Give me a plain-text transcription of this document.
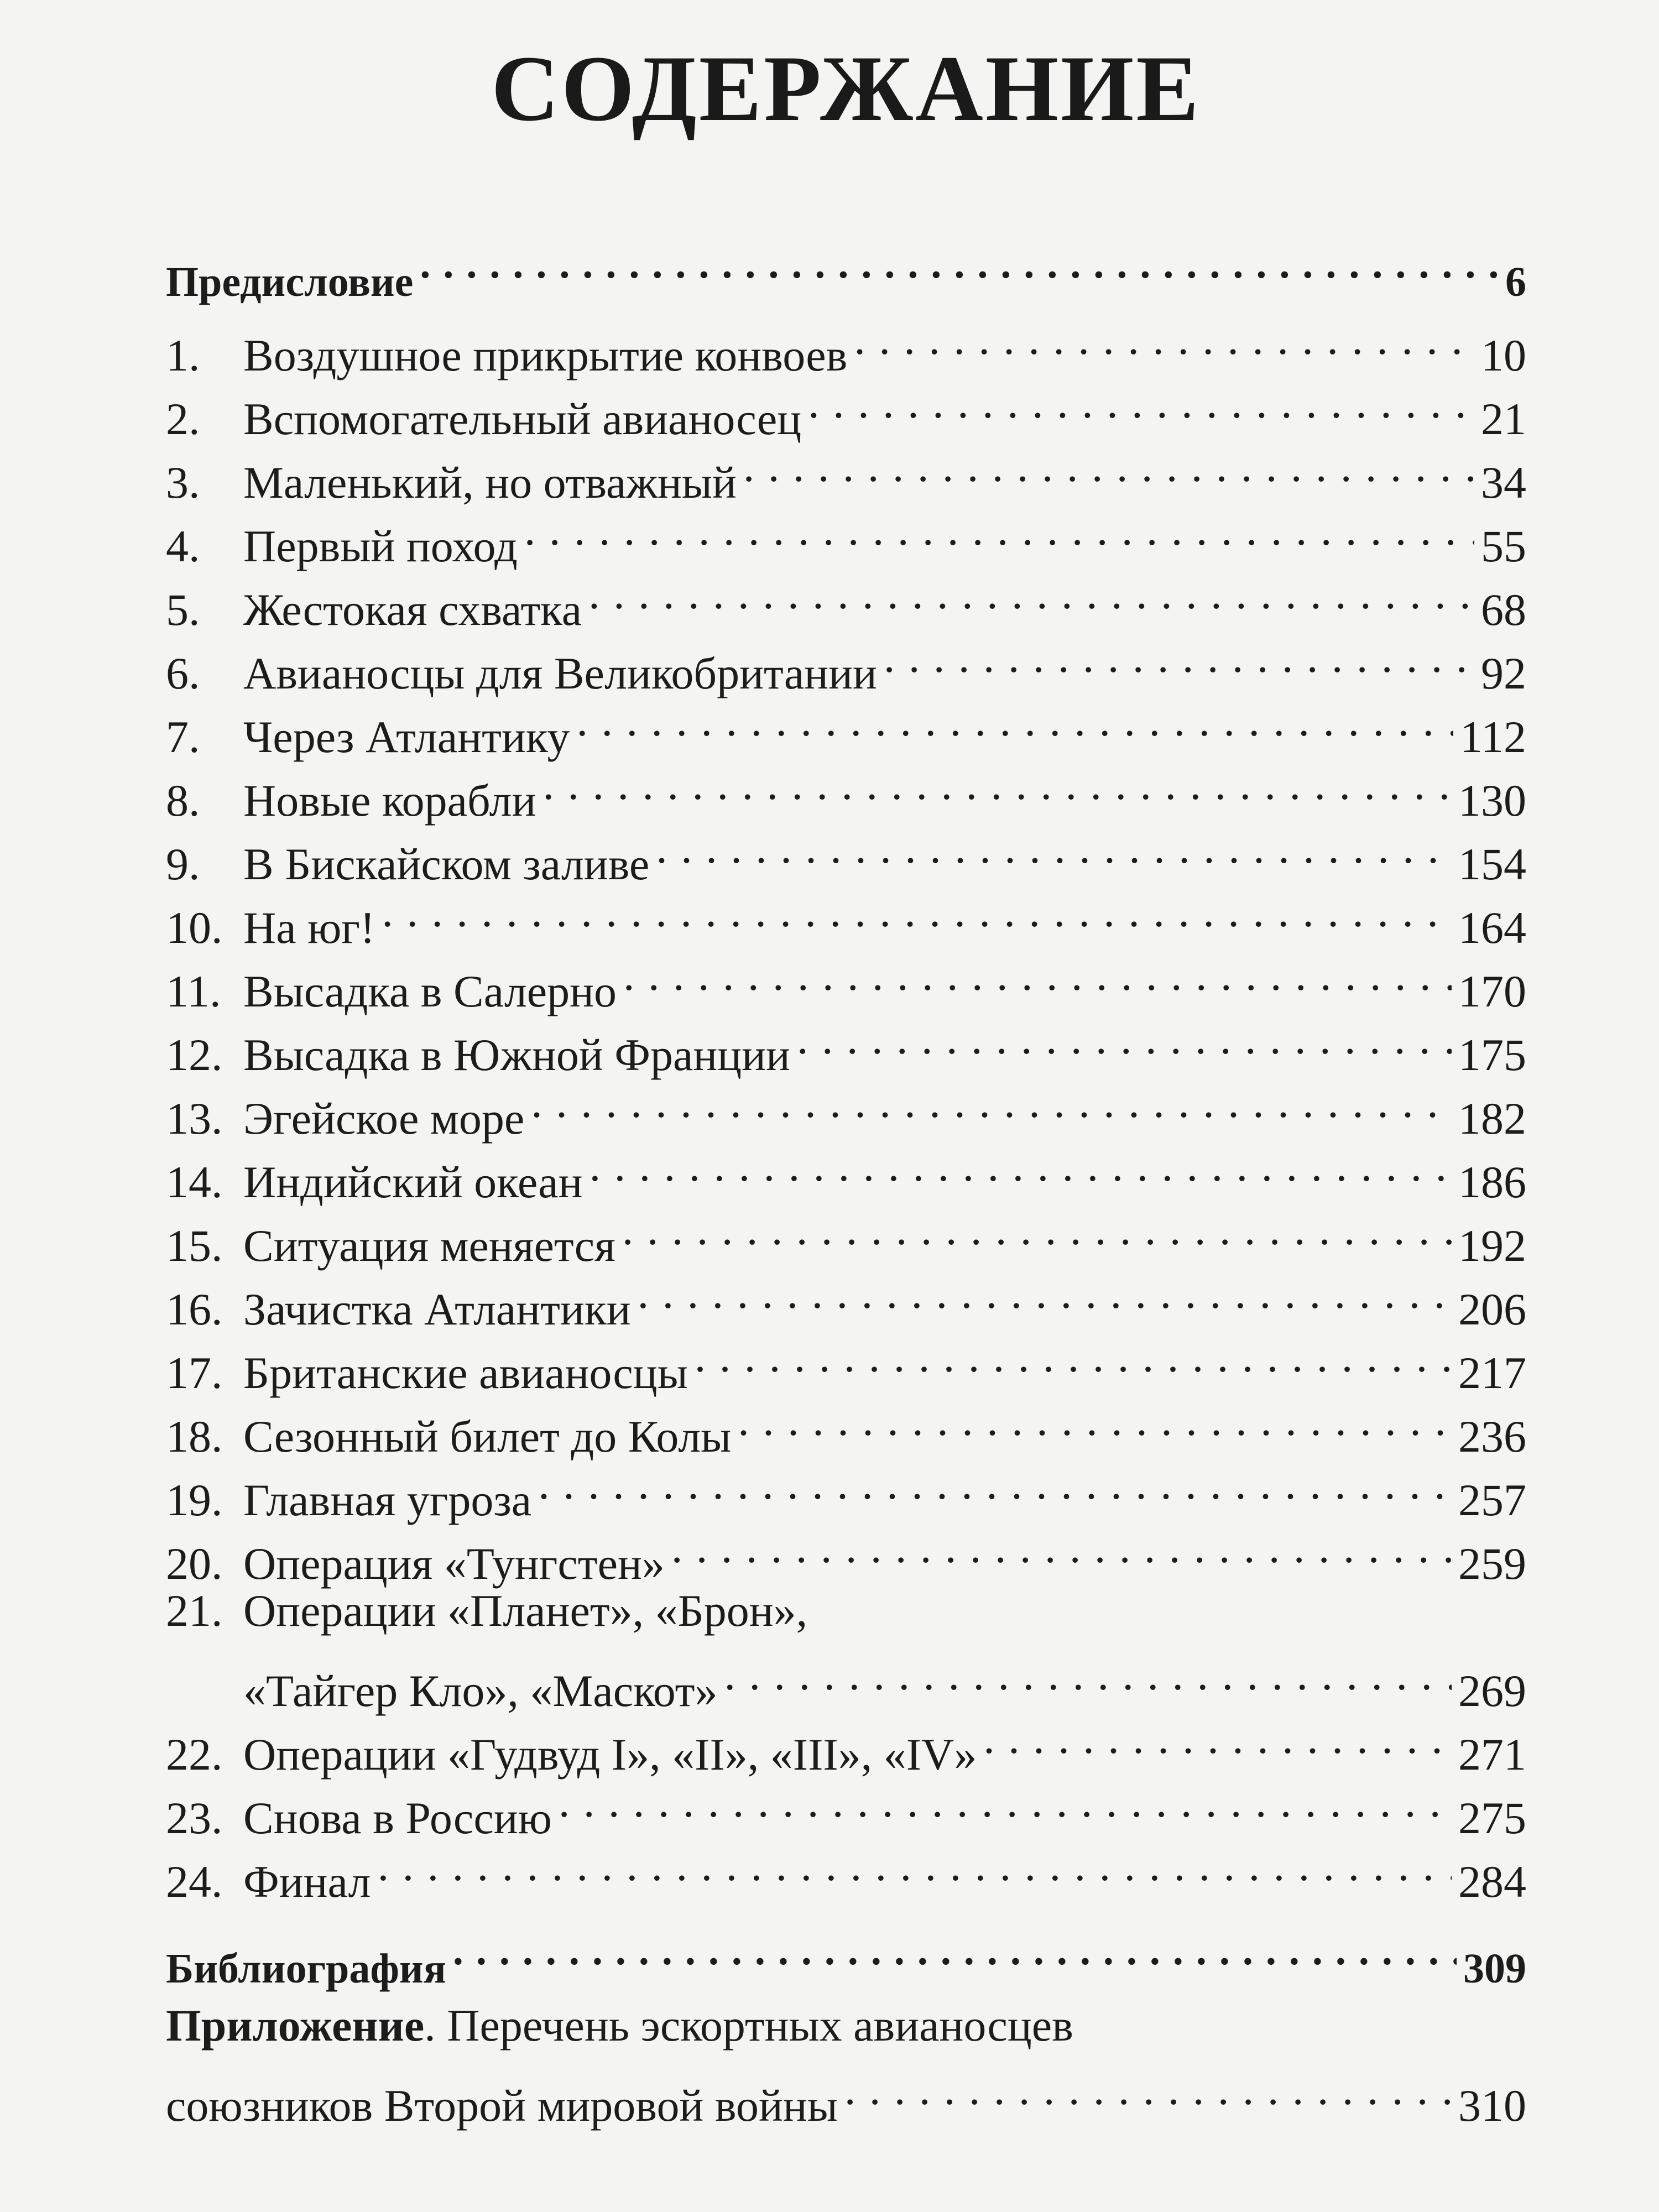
СОДЕРЖАНИЕ
Предисловие . . .	6
1. Воздушное прикрытие конвоев . . .	10
2. Вспомогательный авианосец . . .	21
3. Маленький, но отважный . . .	34
4. Первый поход . . .	55
5. Жестокая схватка . . .	68
6. Авианосцы для Великобритании . . .	92
7. Через Атлантику . . .	112
8. Новые корабли . . .	130
9. В Бискайском заливе . . .	154
10. На юг! . . .	164
11. Высадка в Салерно . . .	170
12. Высадка в Южной Франции . . .	175
13. Эгейское море . . .	182
14. Индийский океан . . .	186
15. Ситуация меняется . . .	192
16. Зачистка Атлантики . . .	206
17. Британские авианосцы . . .	217
18. Сезонный билет до Колы . . .	236
19. Главная угроза . . .	257
20. Операция «Тунгстен» . . .	259
21. Операции «Планет», «Брон»,
«Тайгер Кло», «Маскот» . . .	269
22. Операции «Гудвуд I», «II», «III», «IV» . . .	271
23. Снова в Россию . . .	275
24. Финал . . .	284
Библиография . . .	309
Приложение. Перечень эскортных авианосцев
союзников Второй мировой войны . . .	310
